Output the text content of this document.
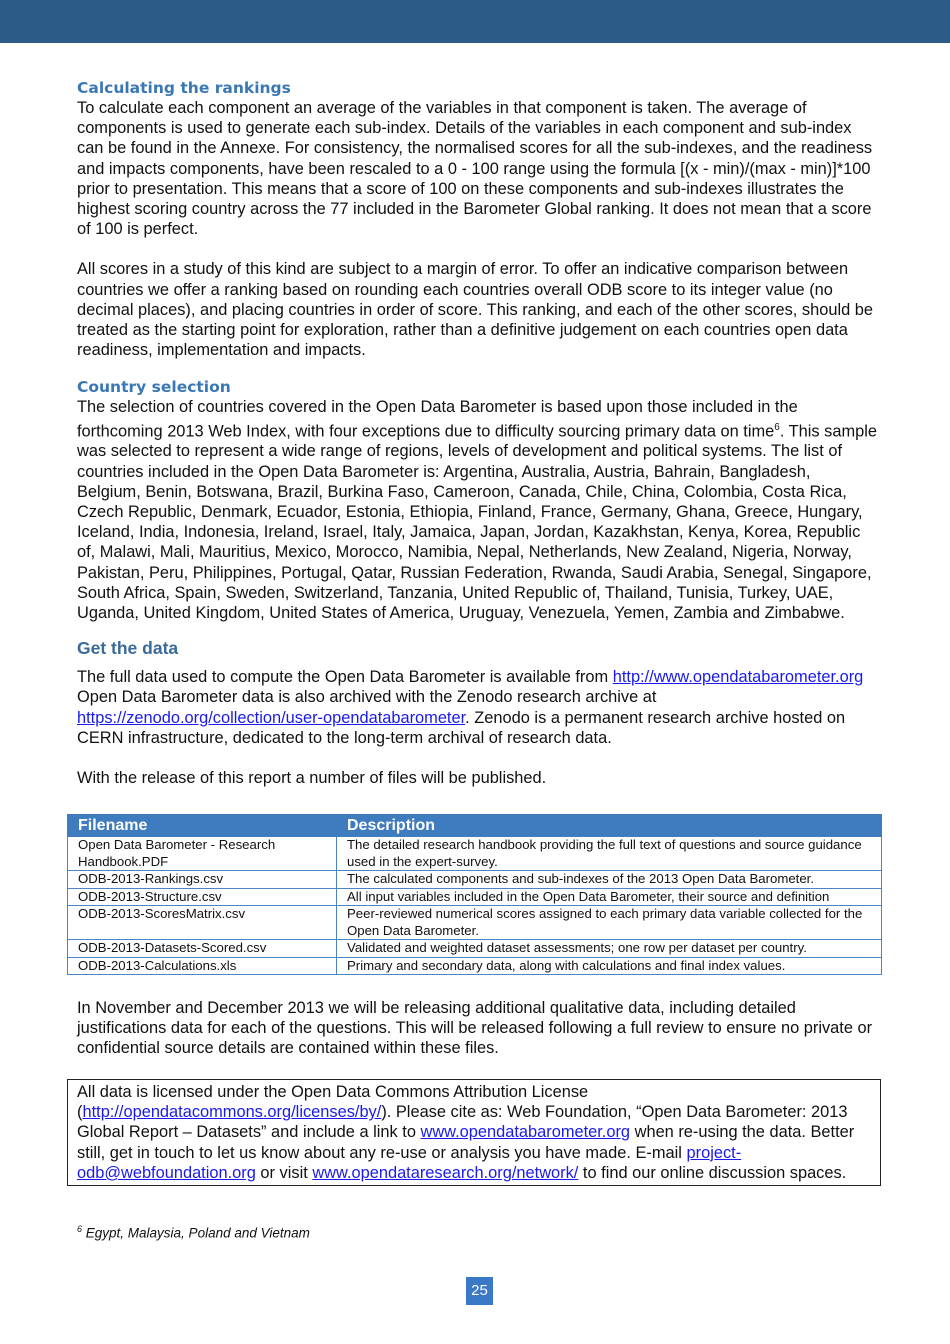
Calculating the rankings

To calculate each component an average of the variables in that component is taken. The average of components is used to generate each sub-index. Details of the variables in each component and sub-index can be found in the Annexe. For consistency, the normalised scores for all the sub-indexes, and the readiness and impacts components, have been rescaled to a 0 - 100 range using the formula [(x - min)/(max - min)]*100 prior to presentation. This means that a score of 100 on these components and sub-indexes illustrates the highest scoring country across the 77 included in the Barometer Global ranking. It does not mean that a score of 100 is perfect.

All scores in a study of this kind are subject to a margin of error. To offer an indicative comparison between countries we offer a ranking based on rounding each countries overall ODB score to its integer value (no decimal places), and placing countries in order of score. This ranking, and each of the other scores, should be treated as the starting point for exploration, rather than a definitive judgement on each countries open data readiness, implementation and impacts.

Country selection

The selection of countries covered in the Open Data Barometer is based upon those included in the forthcoming 2013 Web Index, with four exceptions due to difficulty sourcing primary data on time$^6$. This sample was selected to represent a wide range of regions, levels of development and political systems. The list of countries included in the Open Data Barometer is: Argentina, Australia, Austria, Bahrain, Bangladesh, Belgium, Benin, Botswana, Brazil, Burkina Faso, Cameroon, Canada, Chile, China, Colombia, Costa Rica, Czech Republic, Denmark, Ecuador, Estonia, Ethiopia, Finland, France, Germany, Ghana, Greece, Hungary, Iceland, India, Indonesia, Ireland, Israel, Italy, Jamaica, Japan, Jordan, Kazakhstan, Kenya, Korea, Republic of, Malawi, Mali, Mauritius, Mexico, Morocco, Namibia, Nepal, Netherlands, New Zealand, Nigeria, Norway, Pakistan, Peru, Philippines, Portugal, Qatar, Russian Federation, Rwanda, Saudi Arabia, Senegal, Singapore, South Africa, Spain, Sweden, Switzerland, Tanzania, United Republic of, Thailand, Tunisia, Turkey, UAE, Uganda, United Kingdom, United States of America, Uruguay, Venezuela, Yemen, Zambia and Zimbabwe.

Get the data

The full data used to compute the Open Data Barometer is available from http://www.opendatabarometer.org Open Data Barometer data is also archived with the Zenodo research archive at https://zenodo.org/collection/user-opendatabarometer. Zenodo is a permanent research archive hosted on CERN infrastructure, dedicated to the long-term archival of research data.

With the release of this report a number of files will be published.

Filename	Description
Open Data Barometer - Research Handbook.PDF	The detailed research handbook providing the full text of questions and source guidance used in the expert-survey.
ODB-2013-Rankings.csv	The calculated components and sub-indexes of the 2013 Open Data Barometer.
ODB-2013-Structure.csv	All input variables included in the Open Data Barometer, their source and definition
ODB-2013-ScoresMatrix.csv	Peer-reviewed numerical scores assigned to each primary data variable collected for the Open Data Barometer.
ODB-2013-Datasets-Scored.csv	Validated and weighted dataset assessments; one row per dataset per country.
ODB-2013-Calculations.xls	Primary and secondary data, along with calculations and final index values.

In November and December 2013 we will be releasing additional qualitative data, including detailed justifications data for each of the questions. This will be released following a full review to ensure no private or confidential source details are contained within these files.

All data is licensed under the Open Data Commons Attribution License (http://opendatacommons.org/licenses/by/). Please cite as: Web Foundation, “Open Data Barometer: 2013 Global Report – Datasets” and include a link to www.opendatabarometer.org when re-using the data. Better still, get in touch to let us know about any re-use or analysis you have made. E-mail project-odb@webfoundation.org or visit www.opendataresearch.org/network/ to find our online discussion spaces.

$^6$ Egypt, Malaysia, Poland and Vietnam
25
